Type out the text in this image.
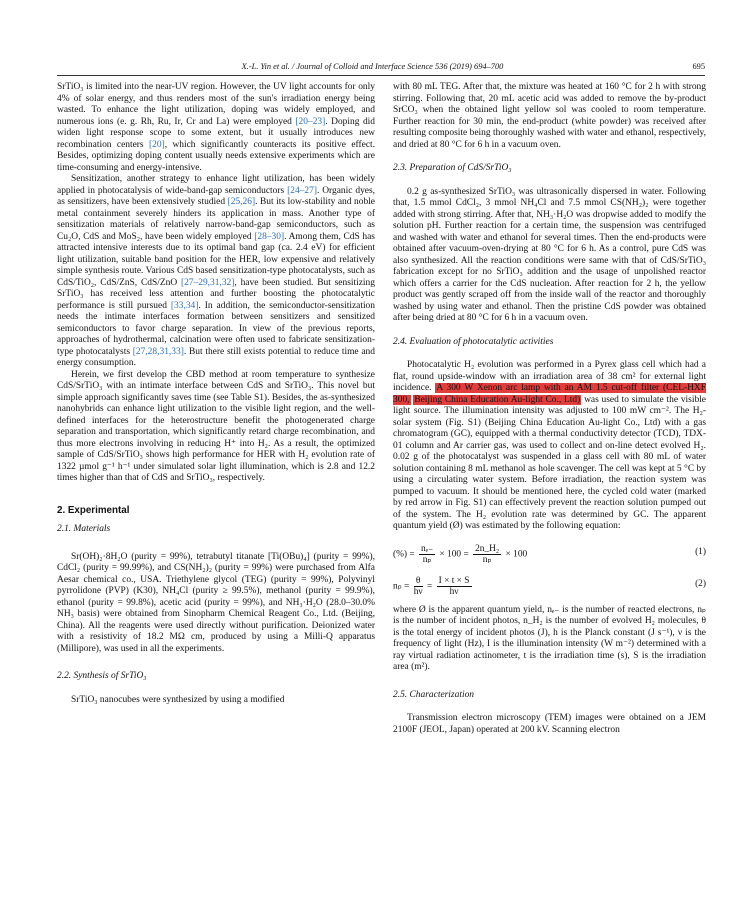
X.-L. Yin et al. / Journal of Colloid and Interface Science 536 (2019) 694–700	695

SrTiO₃ is limited into the near-UV region. However, the UV light accounts for only 4% of solar energy, and thus renders most of the sun's irradiation energy being wasted. To enhance the light utilization, doping was widely employed, and numerous ions (e. g. Rh, Ru, Ir, Cr and La) were employed [20–23]. Doping did widen light response scope to some extent, but it usually introduces new recombination centers [20], which significantly counteracts its positive effect. Besides, optimizing doping content usually needs extensive experiments which are time-consuming and energy-intensive.

Sensitization, another strategy to enhance light utilization, has been widely applied in photocatalysis of wide-band-gap semiconductors [24–27]. Organic dyes, as sensitizers, have been extensively studied [25,26]. But its low-stability and noble metal containment severely hinders its application in mass. Another type of sensitization materials of relatively narrow-band-gap semiconductors, such as Cu₂O, CdS and MoS₂, have been widely employed [28–30]. Among them, CdS has attracted intensive interests due to its optimal band gap (ca. 2.4 eV) for efficient light utilization, suitable band position for the HER, low expensive and relatively simple synthesis route. Various CdS based sensitization-type photocatalysts, such as CdS/TiO₂, CdS/ZnS, CdS/ZnO [27–29,31,32], have been studied. But sensitizing SrTiO₃ has received less attention and further boosting the photocatalytic performance is still pursued [33,34]. In addition, the semiconductor-sensitization needs the intimate interfaces formation between sensitizers and sensitized semiconductors to favor charge separation. In view of the previous reports, approaches of hydrothermal, calcination were often used to fabricate sensitization-type photocatalysts [27,28,31,33]. But there still exists potential to reduce time and energy consumption.

Herein, we first develop the CBD method at room temperature to synthesize CdS/SrTiO₃ with an intimate interface between CdS and SrTiO₃. This novel but simple approach significantly saves time (see Table S1). Besides, the as-synthesized nanohybrids can enhance light utilization to the visible light region, and the well-defined interfaces for the heterostructure benefit the photogenerated charge separation and transportation, which significantly retard charge recombination, and thus more electrons involving in reducing H⁺ into H₂. As a result, the optimized sample of CdS/SrTiO₃ shows high performance for HER with H₂ evolution rate of 1322 µmol g⁻¹ h⁻¹ under simulated solar light illumination, which is 2.8 and 12.2 times higher than that of CdS and SrTiO₃, respectively.

2. Experimental
2.1. Materials

Sr(OH)₂·8H₂O (purity = 99%), tetrabutyl titanate [Ti(OBu)₄] (purity = 99%), CdCl₂ (purity = 99.99%), and CS(NH₂)₂ (purity = 99%) were purchased from Alfa Aesar chemical co., USA. Triethylene glycol (TEG) (purity = 99%), Polyvinyl pyrrolidone (PVP) (K30), NH₄Cl (purity ≥ 99.5%), methanol (purity = 99.9%), ethanol (purity = 99.8%), acetic acid (purity = 99%), and NH₃·H₂O (28.0–30.0% NH₃ basis) were obtained from Sinopharm Chemical Reagent Co., Ltd. (Beijing, China). All the reagents were used directly without purification. Deionized water with a resistivity of 18.2 MΩ cm, produced by using a Milli-Q apparatus (Millipore), was used in all the experiments.

2.2. Synthesis of SrTiO₃

SrTiO₃ nanocubes were synthesized by using a modified

with 80 mL TEG. After that, the mixture was heated at 160 °C for 2 h with strong stirring. Following that, 20 mL acetic acid was added to remove the by-product SrCO₃ when the obtained light yellow sol was cooled to room temperature. Further reaction for 30 min, the end-product (white powder) was received after resulting composite being thoroughly washed with water and ethanol, respectively, and dried at 80 °C for 6 h in a vacuum oven.

2.3. Preparation of CdS/SrTiO₃

0.2 g as-synthesized SrTiO₃ was ultrasonically dispersed in water. Following that, 1.5 mmol CdCl₂, 3 mmol NH₄Cl and 7.5 mmol CS(NH₂)₂ were together added with strong stirring. After that, NH₃·H₂O was dropwise added to modify the solution pH. Further reaction for a certain time, the suspension was centrifuged and washed with water and ethanol for several times. Then the end-products were obtained after vacuum-oven-drying at 80 °C for 6 h. As a control, pure CdS was also synthesized. All the reaction conditions were same with that of CdS/SrTiO₃ fabrication except for no SrTiO₃ addition and the usage of unpolished reactor which offers a carrier for the CdS nucleation. After reaction for 2 h, the yellow product was gently scraped off from the inside wall of the reactor and thoroughly washed by using water and ethanol. Then the pristine CdS powder was obtained after being dried at 80 °C for 6 h in a vacuum oven.

2.4. Evaluation of photocatalytic activities

Photocatalytic H₂ evolution was performed in a Pyrex glass cell which had a flat, round upside-window with an irradiation area of 38 cm² for external light incidence. A 300 W Xenon arc lamp with an AM 1.5 cut-off filter (CEL-HXF 300, Beijing China Education Au-light Co., Ltd) was used to simulate the visible light source. The illumination intensity was adjusted to 100 mW cm⁻². The H₂-solar system (Fig. S1) (Beijing China Education Au-light Co., Ltd) with a gas chromatogram (GC), equipped with a thermal conductivity detector (TCD), TDX-01 column and Ar carrier gas, was used to collect and on-line detect evolved H₂. 0.02 g of the photocatalyst was suspended in a glass cell with 80 mL of water solution containing 8 mL methanol as hole scavenger. The cell was kept at 5 °C by using a circulating water system. Before irradiation, the reaction system was pumped to vacuum. It should be mentioned here, the cycled cold water (marked by red arrow in Fig. S1) can effectively prevent the reaction solution pumped out of the system. The H₂ evolution rate was determined by GC. The apparent quantum yield (Ø) was estimated by the following equation:

(%) = $\frac{\text{nₑ₋}}{\text{nₚ}} \times 100 = \frac{\text{2n\_H₂}}{\text{nₚ}} \times 100$	(1)
$n_p = \frac{\theta}{h\nu} = \frac{I \times t \times S}{h\nu}$	(2)

where Ø is the apparent quantum yield, nₑ₋ is the number of reacted electrons, nₚ is the number of incident photos, n_H₂ is the number of evolved H₂ molecules, θ is the total energy of incident photos (J), h is the Planck constant (J s⁻¹), ν is the frequency of light (Hz), I is the illumination intensity (W m⁻²) determined with a ray virtual radiation actinometer, t is the irradiation time (s), S is the irradiation area (m²).

2.5. Characterization

Transmission electron microscopy (TEM) images were obtained on a JEM 2100F (JEOL, Japan) operated at 200 kV. Scanning electron
